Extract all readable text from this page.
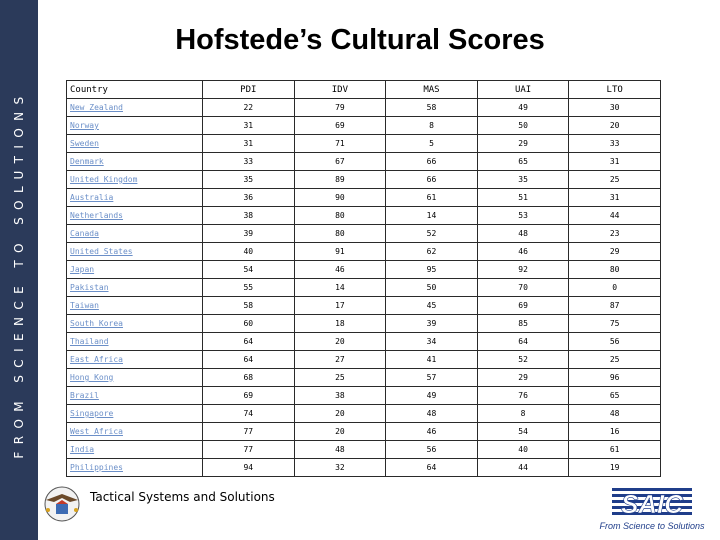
FROM SCIENCE TO SOLUTIONS
Hofstede’s Cultural Scores
Country	PDI	IDV	MAS	UAI	LTO
New Zealand	22	79	58	49	30
Norway	31	69	8	50	20
Sweden	31	71	5	29	33
Denmark	33	67	66	65	31
United Kingdom	35	89	66	35	25
Australia	36	90	61	51	31
Netherlands	38	80	14	53	44
Canada	39	80	52	48	23
United States	40	91	62	46	29
Japan	54	46	95	92	80
Pakistan	55	14	50	70	0
Taiwan	58	17	45	69	87
South Korea	60	18	39	85	75
Thailand	64	20	34	64	56
East Africa	64	27	41	52	25
Hong Kong	68	25	57	29	96
Brazil	69	38	49	76	65
Singapore	74	20	48	8	48
West Africa	77	20	46	54	16
India	77	48	56	40	61
Philippines	94	32	64	44	19
Tactical Systems and Solutions	SAIC
From Science to Solutions
